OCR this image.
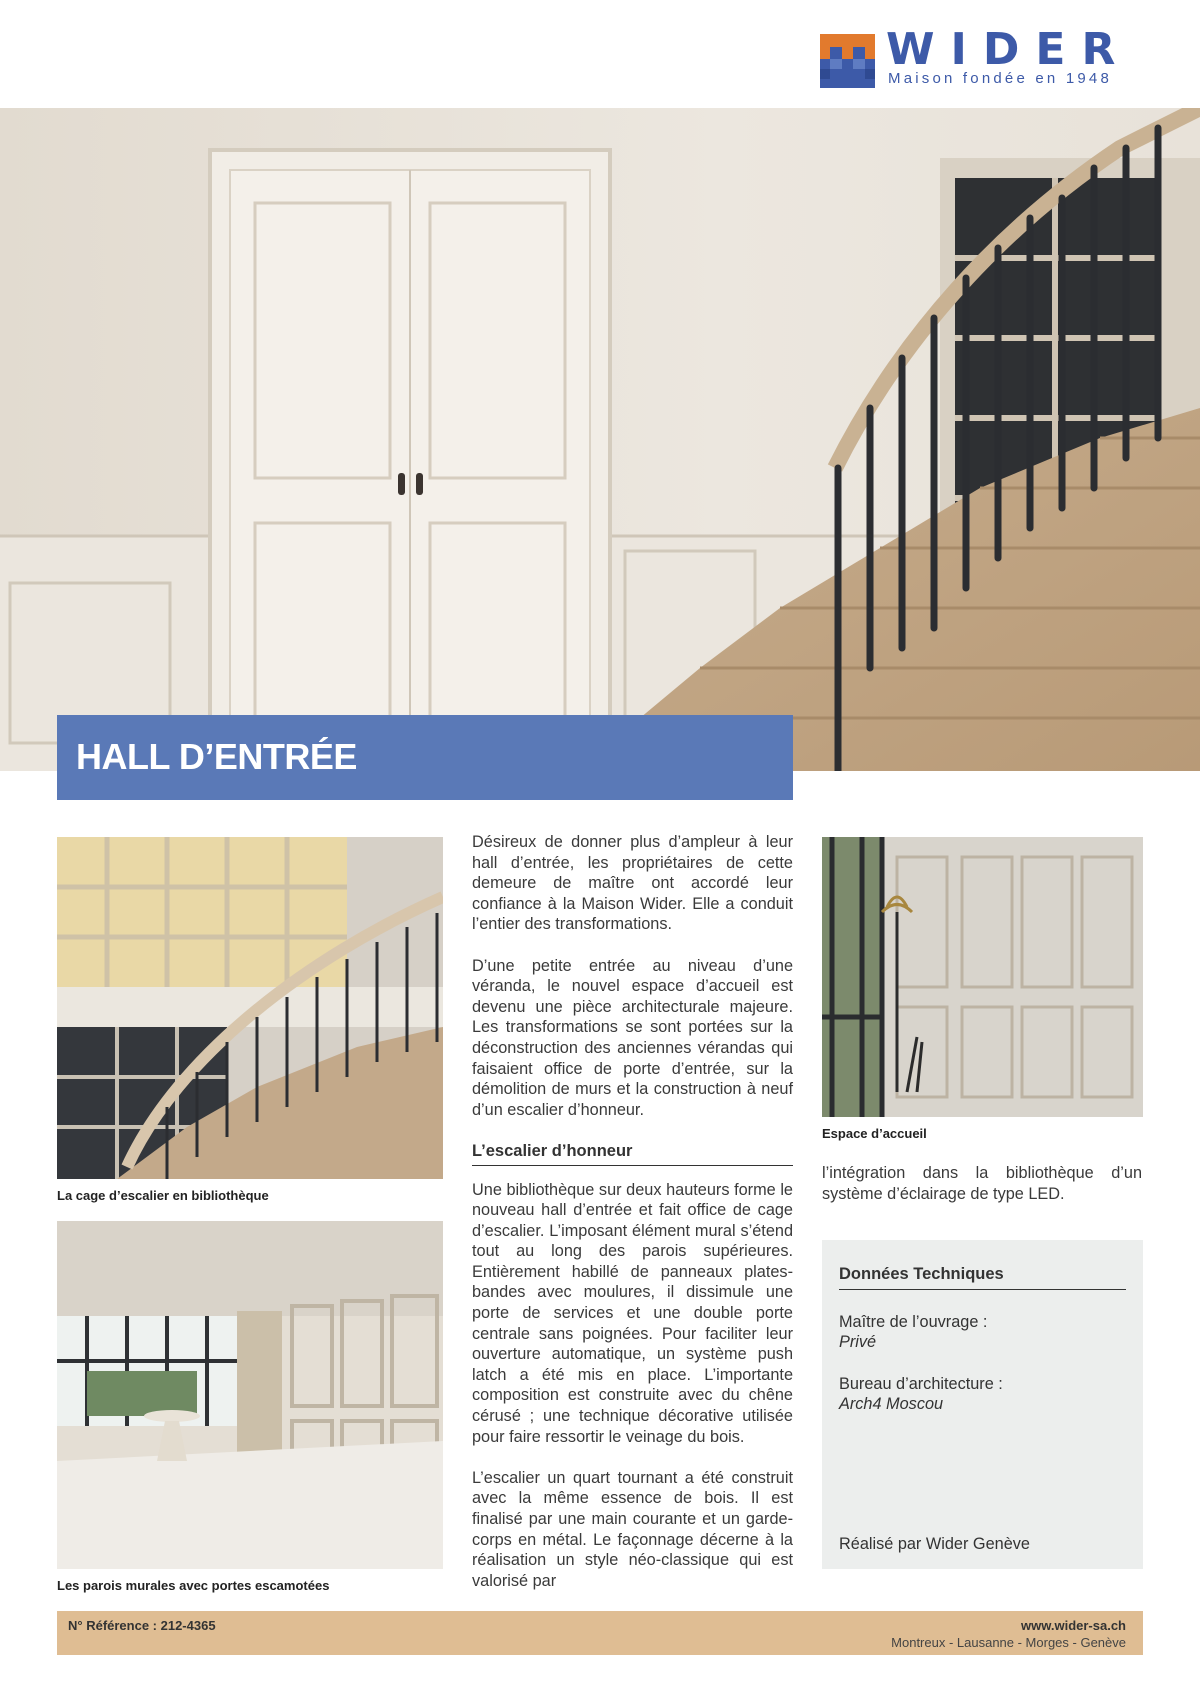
WIDER
Maison fondée en 1948
HALL D’ENTRÉE
La cage d’escalier en bibliothèque
Les parois murales avec portes escamotées
Espace d’accueil

Désireux de donner plus d’ampleur à leur hall d’entrée, les propriétaires de cette demeure de maître ont accordé leur confiance à la Maison Wider. Elle a conduit l’entier des transformations.

D’une petite entrée au niveau d’une véranda, le nouvel espace d’accueil est devenu une pièce architecturale majeure. Les transformations se sont portées sur la déconstruction des anciennes vérandas qui faisaient office de porte d’entrée, sur la démolition de murs et la construction à neuf d’un escalier d’honneur.

L’escalier d’honneur

Une bibliothèque sur deux hauteurs forme le nouveau hall d’entrée et fait office de cage d’escalier. L’imposant élément mural s’étend tout au long des parois supérieures. Entièrement habillé de panneaux plates-bandes avec moulures, il dissimule une porte de services et une double porte centrale sans poignées. Pour faciliter leur ouverture automatique, un système push latch a été mis en place. L’importante composition est construite avec du chêne cérusé ; une technique décorative utilisée pour faire ressortir le veinage du bois.

L’escalier un quart tournant a été construit avec la même essence de bois. Il est finalisé par une main courante et un garde-corps en métal. Le façonnage décerne à la réalisation un style néo-classique qui est valorisé par

l’intégration dans la bibliothèque d’un système d’éclairage de type LED.
Données Techniques
Maître de l’ouvrage :
Privé
Bureau d’architecture :
Arch4 Moscou
Réalisé par Wider Genève
N° Référence : 212-4365	www.wider-sa.ch
Montreux - Lausanne - Morges - Genève
